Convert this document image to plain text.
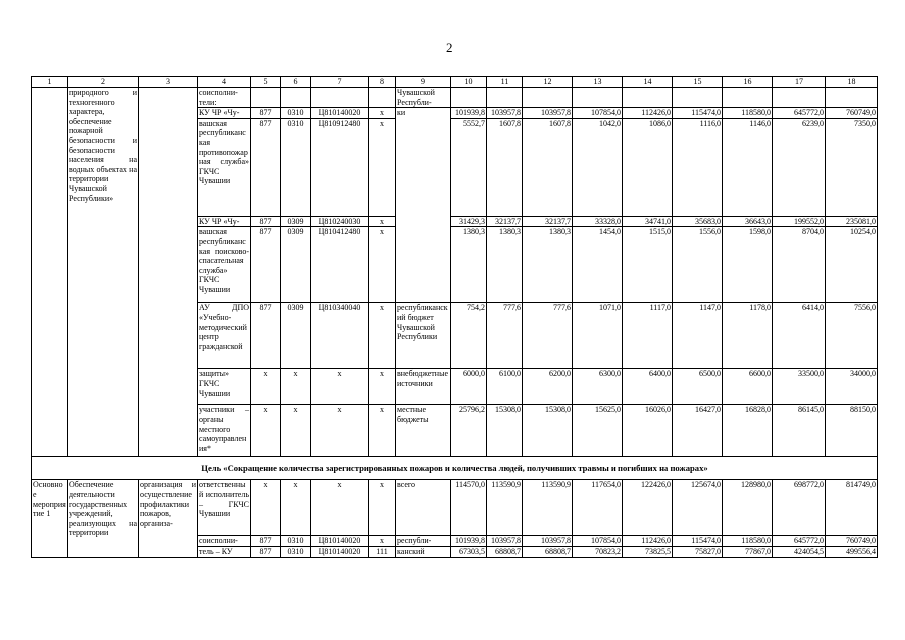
2
1	2	3	4	5	6	7	8	9	10	11	12	13	14	15	16	17	18
	природного и техногенного характера, обеспечение пожарной безопасности и безопасности населения на водных объектах на территории Чувашской Республики»		соисполни-тели:					Чувашской Республи-									
			КУ ЧР «Чу-	877	0310	Ц810140020	х	ки	101939,8	103957,8	103957,8	107854,0	112426,0	115474,0	118580,0	645772,0	760749,0
			вашская республиканская противопожарная служба» ГКЧС Чувашии	877	0310	Ц810912480	х		5552,7	1607,8	1607,8	1042,0	1086,0	1116,0	1146,0	6239,0	7350,0
			КУ ЧР «Чу-	877	0309	Ц810240030	х		31429,3	32137,7	32137,7	33328,0	34741,0	35683,0	36643,0	199552,0	235081,0
			вашская республиканская поисково-спасательная служба» ГКЧС Чувашии	877	0309	Ц810412480	х		1380,3	1380,3	1380,3	1454,0	1515,0	1556,0	1598,0	8704,0	10254,0
			АУ ДПО «Учебно-методический центр гражданской	877	0309	Ц810340040	х	республиканский бюджет Чувашской Республики	754,2	777,6	777,6	1071,0	1117,0	1147,0	1178,0	6414,0	7556,0
			защиты» ГКЧС Чувашии	х	х	х	х	внебюджетные источники	6000,0	6100,0	6200,0	6300,0	6400,0	6500,0	6600,0	33500,0	34000,0
			участники – органы местного самоуправления*	х	х	х	х	местные бюджеты	25796,2	15308,0	15308,0	15625,0	16026,0	16427,0	16828,0	86145,0	88150,0
Цель «Сокращение количества зарегистрированных пожаров и количества людей, получивших травмы и погибших на пожарах»																	
Основное мероприятие 1	Обеспечение деятельности государственных учреждений, реализующих на территории	организация и осуществление профилактики пожаров, организа-	ответственный исполнитель – ГКЧС Чувашии	х	х	х	х	всего	114570,0	113590,9	113590,9	117654,0	122426,0	125674,0	128980,0	698772,0	814749,0
			соисполни-	877	0310	Ц810140020	х	республи-	101939,8	103957,8	103957,8	107854,0	112426,0	115474,0	118580,0	645772,0	760749,0
			тель – КУ	877	0310	Ц810140020	111	канский	67303,5	68808,7	68808,7	70823,2	73825,5	75827,0	77867,0	424054,5	499556,4
